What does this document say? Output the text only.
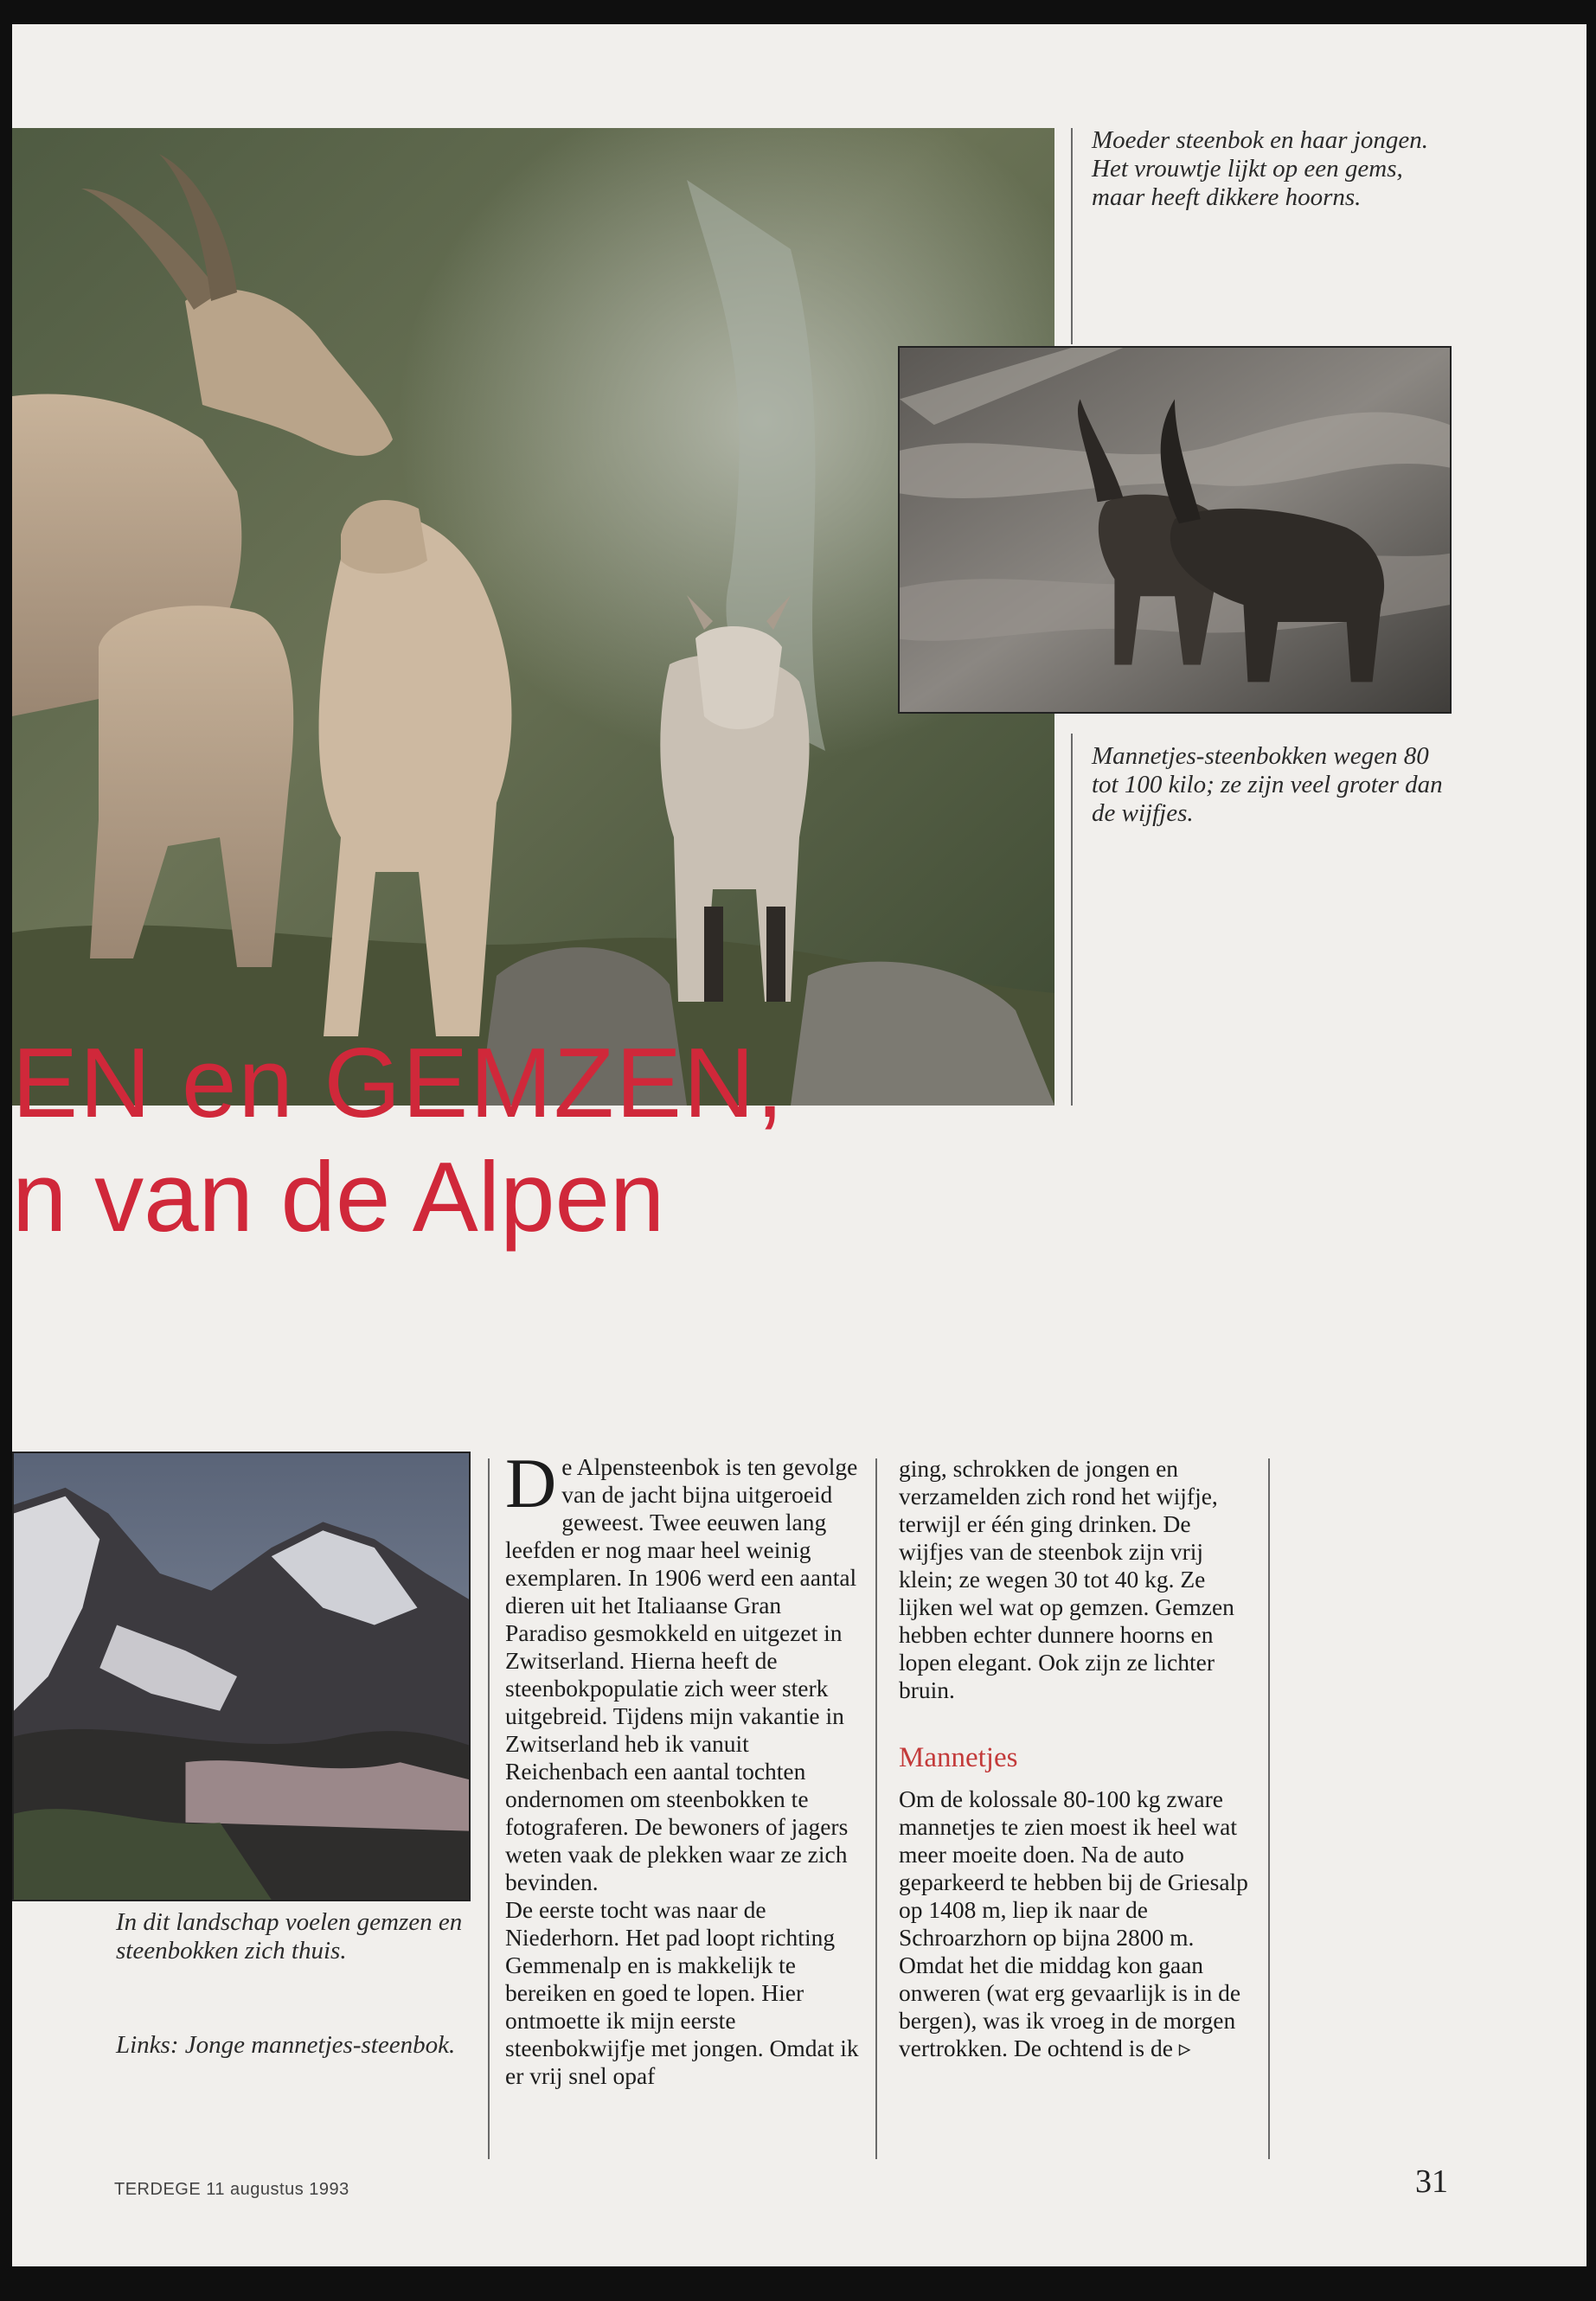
EN en GEMZEN,
n van de Alpen

Moeder steenbok en haar jongen. Het vrouwtje lijkt op een gems, maar heeft dikkere hoorns.

Mannetjes-steenbokken wegen 80 tot 100 kilo; ze zijn veel groter dan de wijfjes.

In dit landschap voelen gemzen en steenbokken zich thuis.

Links: Jonge mannetjes-steenbok.

De Alpensteenbok is ten gevolge van de jacht bijna uitgeroeid geweest. Twee eeuwen lang leefden er nog maar heel weinig exemplaren. In 1906 werd een aantal dieren uit het Italiaanse Gran Paradiso gesmokkeld en uitgezet in Zwitserland. Hierna heeft de steenbokpopulatie zich weer sterk uitgebreid. Tijdens mijn vakantie in Zwitserland heb ik vanuit Reichenbach een aantal tochten ondernomen om steenbokken te fotograferen. De bewoners of jagers weten vaak de plekken waar ze zich bevinden.

De eerste tocht was naar de Niederhorn. Het pad loopt richting Gemmenalp en is makkelijk te bereiken en goed te lopen. Hier ontmoette ik mijn eerste steenbokwijfje met jongen. Omdat ik er vrij snel opaf

ging, schrokken de jongen en verzamelden zich rond het wijfje, terwijl er één ging drinken. De wijfjes van de steenbok zijn vrij klein; ze wegen 30 tot 40 kg. Ze lijken wel wat op gemzen. Gemzen hebben echter dunnere hoorns en lopen elegant. Ook zijn ze lichter bruin.

Mannetjes

Om de kolossale 80-100 kg zware mannetjes te zien moest ik heel wat meer moeite doen. Na de auto geparkeerd te hebben bij de Griesalp op 1408 m, liep ik naar de Schroarzhorn op bijna 2800 m. Omdat het die middag kon gaan onweren (wat erg gevaarlijk is in de bergen), was ik vroeg in de morgen vertrokken. De ochtend is de ▹

TERDEGE 11 augustus 1993	31
